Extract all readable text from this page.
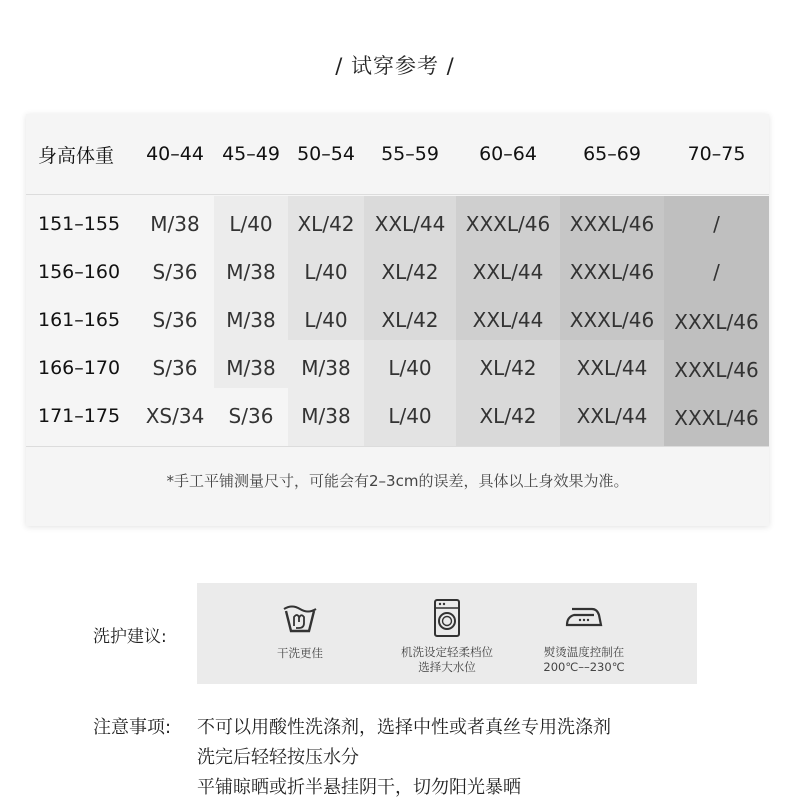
/ 试穿参考 /
身高体重	40–44 45–49 50–54	55–59	60–64	65–69	70–75
151–155	M/38	L/40	XL/42	XXL/44	XXXL/46 XXXL/46	/
156–160	S/36	M/38	L/40	XL/42	XXL/44	XXXL/46	/
161–165	S/36	M/38	L/40	XL/42	XXL/44	XXXL/46	XXXL/46
166–170	S/36	M/38	M/38	L/40	XL/42	XXL/44	XXXL/46
171–175	XS/34	S/36	M/38	L/40	XL/42	XXL/44	XXXL/46
*手工平铺测量尺寸，可能会有2–3cm的误差，具体以上身效果为准。
洗护建议:
干洗更佳	机洗设定轻柔档位
选择大水位
熨烫温度控制在
200℃––230℃
注意事项: 不可以用酸性洗涤剂，选择中性或者真丝专用洗涤剂
洗完后轻轻按压水分
平铺晾晒或折半悬挂阴干，切勿阳光暴晒
